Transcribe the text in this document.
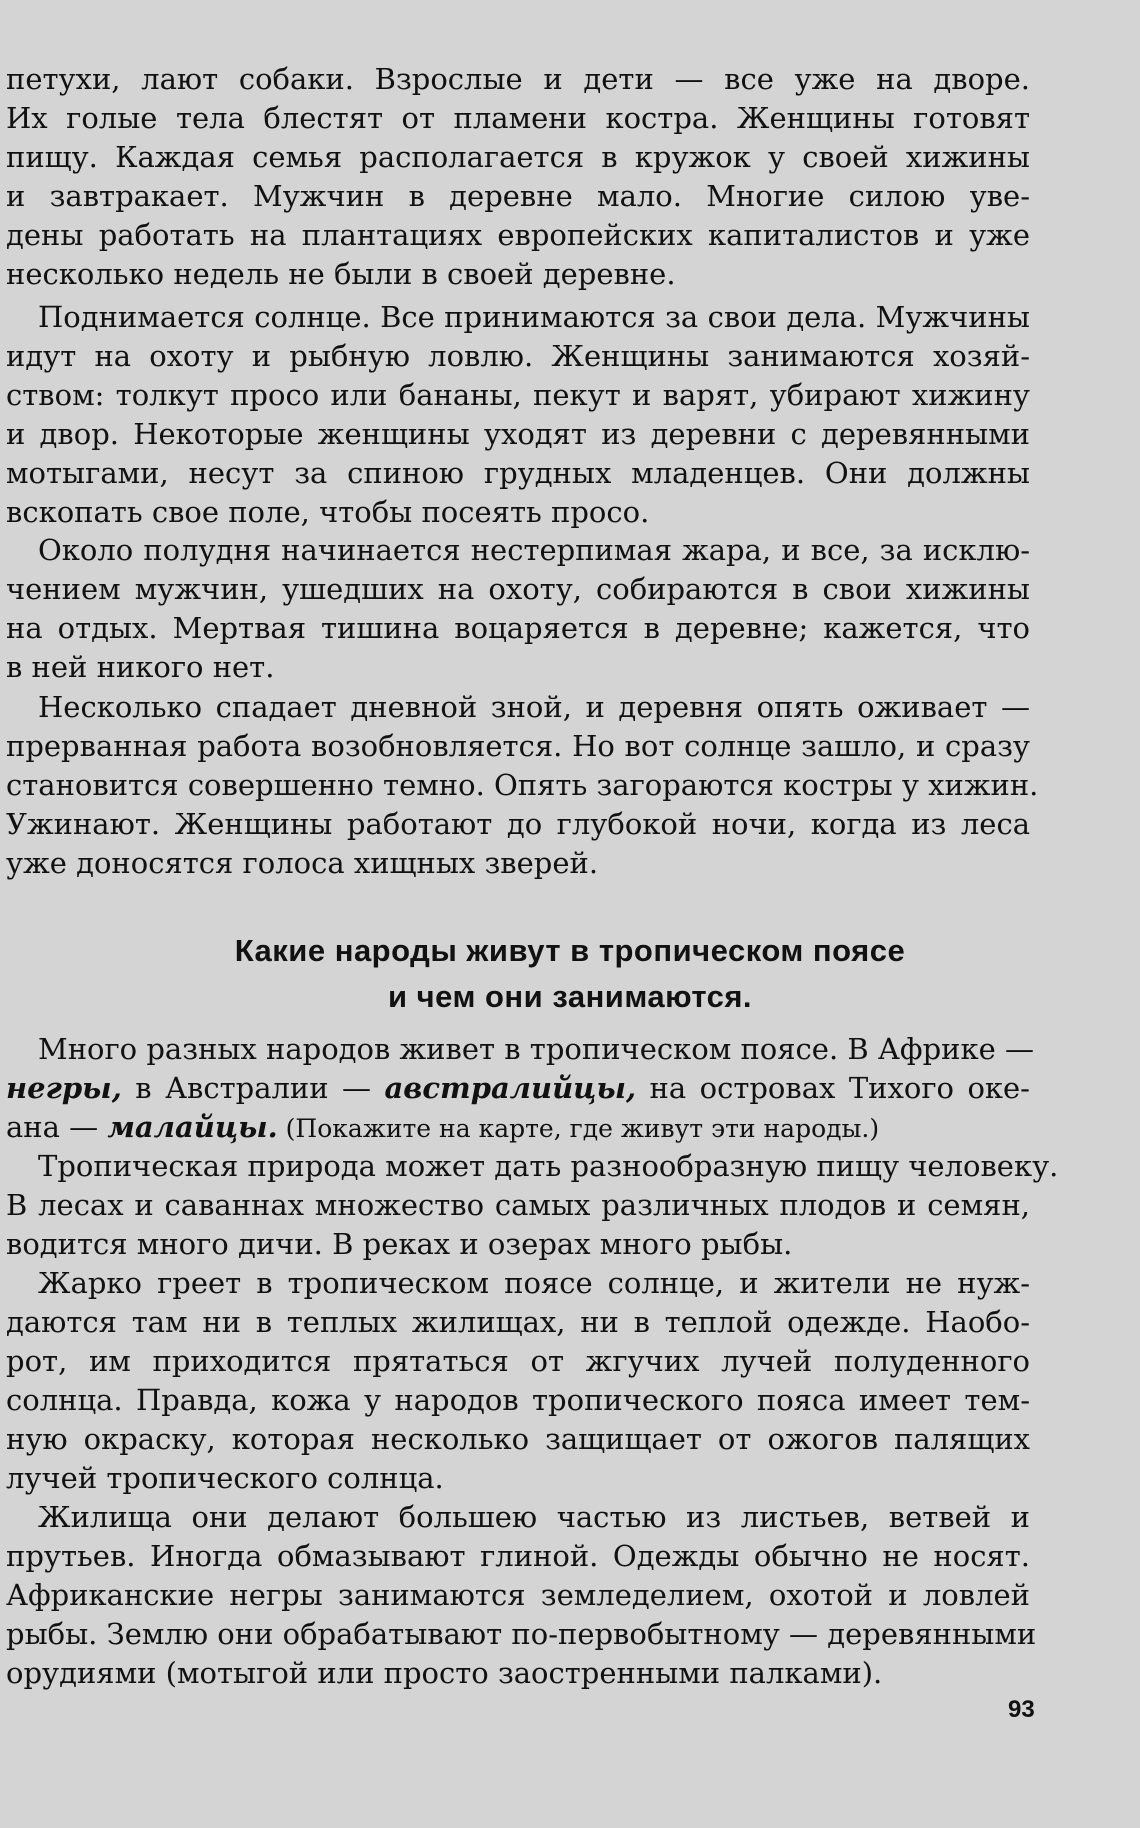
петухи, лают собаки. Взрослые и дети — все уже на дворе.
Их голые тела блестят от пламени костра. Женщины готовят
пищу. Каждая семья располагается в кружок у своей хижины
и завтракает. Мужчин в деревне мало. Многие силою уве-
дены работать на плантациях европейских капиталистов и уже
несколько недель не были в своей деревне.
Поднимается солнце. Все принимаются за свои дела. Мужчины
идут на охоту и рыбную ловлю. Женщины занимаются хозяй-
ством: толкут просо или бананы, пекут и варят, убирают хижину
и двор. Некоторые женщины уходят из деревни с деревянными
мотыгами, несут за спиною грудных младенцев. Они должны
вскопать свое поле, чтобы посеять просо.
Около полудня начинается нестерпимая жара, и все, за исклю-
чением мужчин, ушедших на охоту, собираются в свои хижины
на отдых. Мертвая тишина воцаряется в деревне; кажется, что
в ней никого нет.
Несколько спадает дневной зной, и деревня опять оживает —
прерванная работа возобновляется. Но вот солнце зашло, и сразу
становится совершенно темно. Опять загораются костры у хижин.
Ужинают. Женщины работают до глубокой ночи, когда из леса
уже доносятся голоса хищных зверей.
Какие народы живут в тропическом поясе
и чем они занимаются.
Много разных народов живет в тропическом поясе. В Африке —
негры, в Австралии — австралийцы, на островах Тихого оке-
ана — малайцы. (Покажите на карте, где живут эти народы.)
Тропическая природа может дать разнообразную пищу человеку.
В лесах и саваннах множество самых различных плодов и семян,
водится много дичи. В реках и озерах много рыбы.
Жарко греет в тропическом поясе солнце, и жители не нуж-
даются там ни в теплых жилищах, ни в теплой одежде. Наобо-
рот, им приходится прятаться от жгучих лучей полуденного
солнца. Правда, кожа у народов тропического пояса имеет тем-
ную окраску, которая несколько защищает от ожогов палящих
лучей тропического солнца.
Жилища они делают большею частью из листьев, ветвей и
прутьев. Иногда обмазывают глиной. Одежды обычно не носят.
Африканские негры занимаются земледелием, охотой и ловлей
рыбы. Землю они обрабатывают по-первобытному — деревянными
орудиями (мотыгой или просто заостренными палками).
93
